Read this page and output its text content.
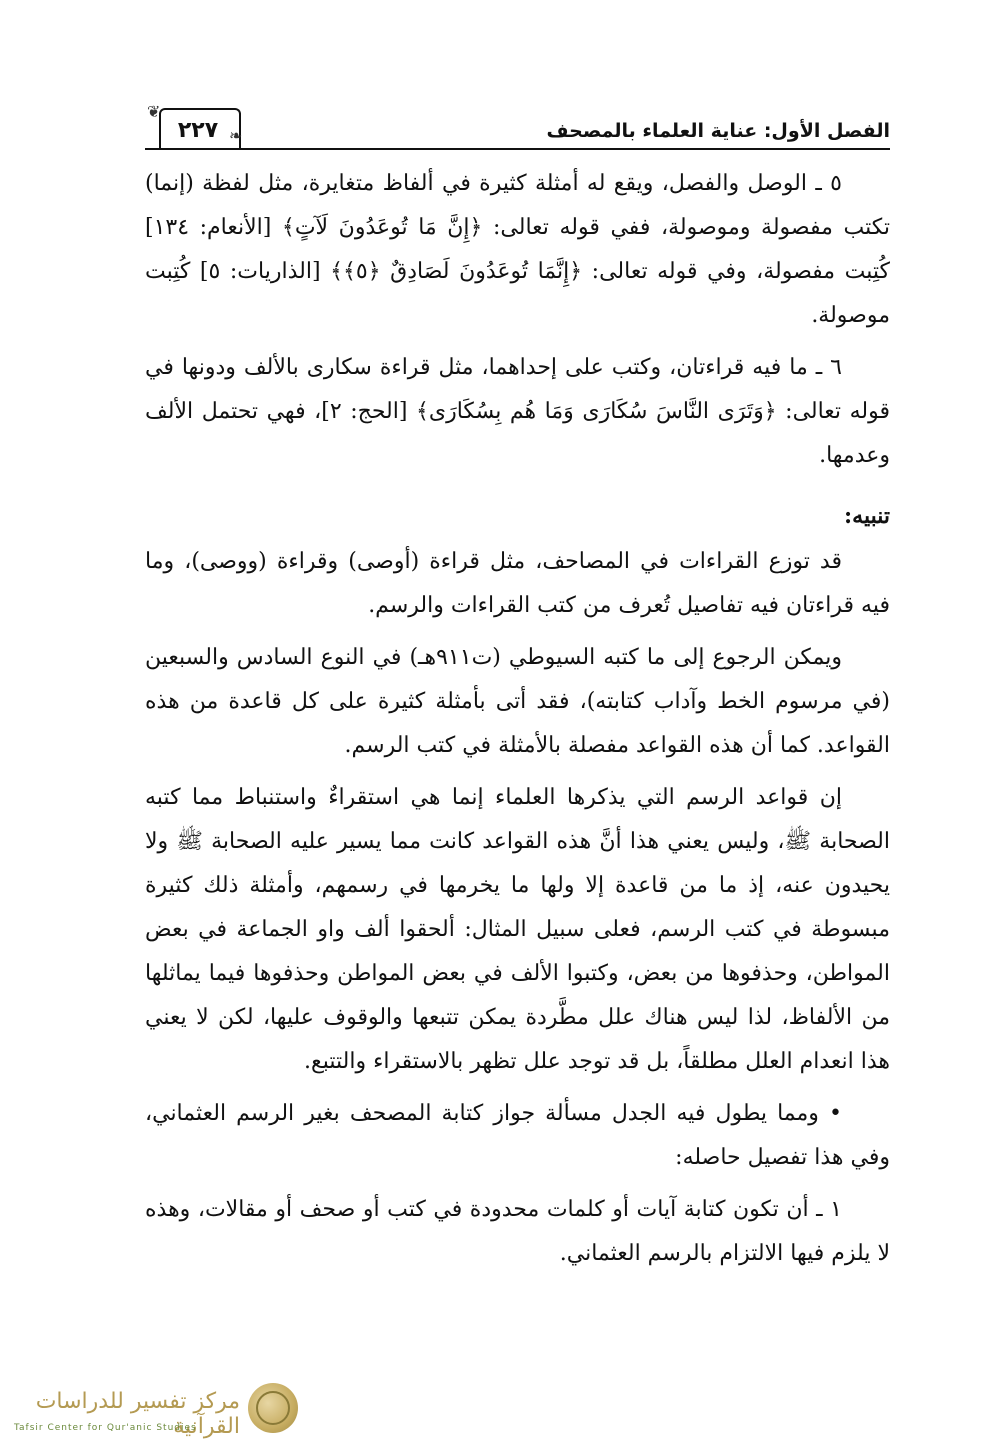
الفصل الأول: عناية العلماء بالمصحف
❦
٢٢٧ ❧

٥ ـ الوصل والفصل، ويقع له أمثلة كثيرة في ألفاظ متغايرة، مثل لفظة (إنما) تكتب مفصولة وموصولة، ففي قوله تعالى: ﴿إِنَّ مَا تُوعَدُونَ لَآتٍ﴾ [الأنعام: ١٣٤] كُتِبت مفصولة، وفي قوله تعالى: ﴿إِنَّمَا تُوعَدُونَ لَصَادِقٌ ﴿٥﴾﴾ [الذاريات: ٥] كُتِبت موصولة.

٦ ـ ما فيه قراءتان، وكتب على إحداهما، مثل قراءة سكارى بالألف ودونها في قوله تعالى: ﴿وَتَرَى النَّاسَ سُكَارَى وَمَا هُم بِسُكَارَى﴾ [الحج: ٢]، فهي تحتمل الألف وعدمها.

تنبيه:

قد توزع القراءات في المصاحف، مثل قراءة (أوصى) وقراءة (ووصى)، وما فيه قراءتان فيه تفاصيل تُعرف من كتب القراءات والرسم.

ويمكن الرجوع إلى ما كتبه السيوطي (ت٩١١هـ) في النوع السادس والسبعين (في مرسوم الخط وآداب كتابته)، فقد أتى بأمثلة كثيرة على كل قاعدة من هذه القواعد. كما أن هذه القواعد مفصلة بالأمثلة في كتب الرسم.

إن قواعد الرسم التي يذكرها العلماء إنما هي استقراءٌ واستنباط مما كتبه الصحابة ﷺ، وليس يعني هذا أنَّ هذه القواعد كانت مما يسير عليه الصحابة ﷺ ولا يحيدون عنه، إذ ما من قاعدة إلا ولها ما يخرمها في رسمهم، وأمثلة ذلك كثيرة مبسوطة في كتب الرسم، فعلى سبيل المثال: ألحقوا ألف واو الجماعة في بعض المواطن، وحذفوها من بعض، وكتبوا الألف في بعض المواطن وحذفوها فيما يماثلها من الألفاظ، لذا ليس هناك علل مطَّردة يمكن تتبعها والوقوف عليها، لكن لا يعني هذا انعدام العلل مطلقاً، بل قد توجد علل تظهر بالاستقراء والتتبع.

• ومما يطول فيه الجدل مسألة جواز كتابة المصحف بغير الرسم العثماني، وفي هذا تفصيل حاصله:

١ ـ أن تكون كتابة آيات أو كلمات محدودة في كتب أو صحف أو مقالات، وهذه لا يلزم فيها الالتزام بالرسم العثماني.

مركز تفسير للدراسات القرآنية
Tafsir Center for Qur'anic Studies
